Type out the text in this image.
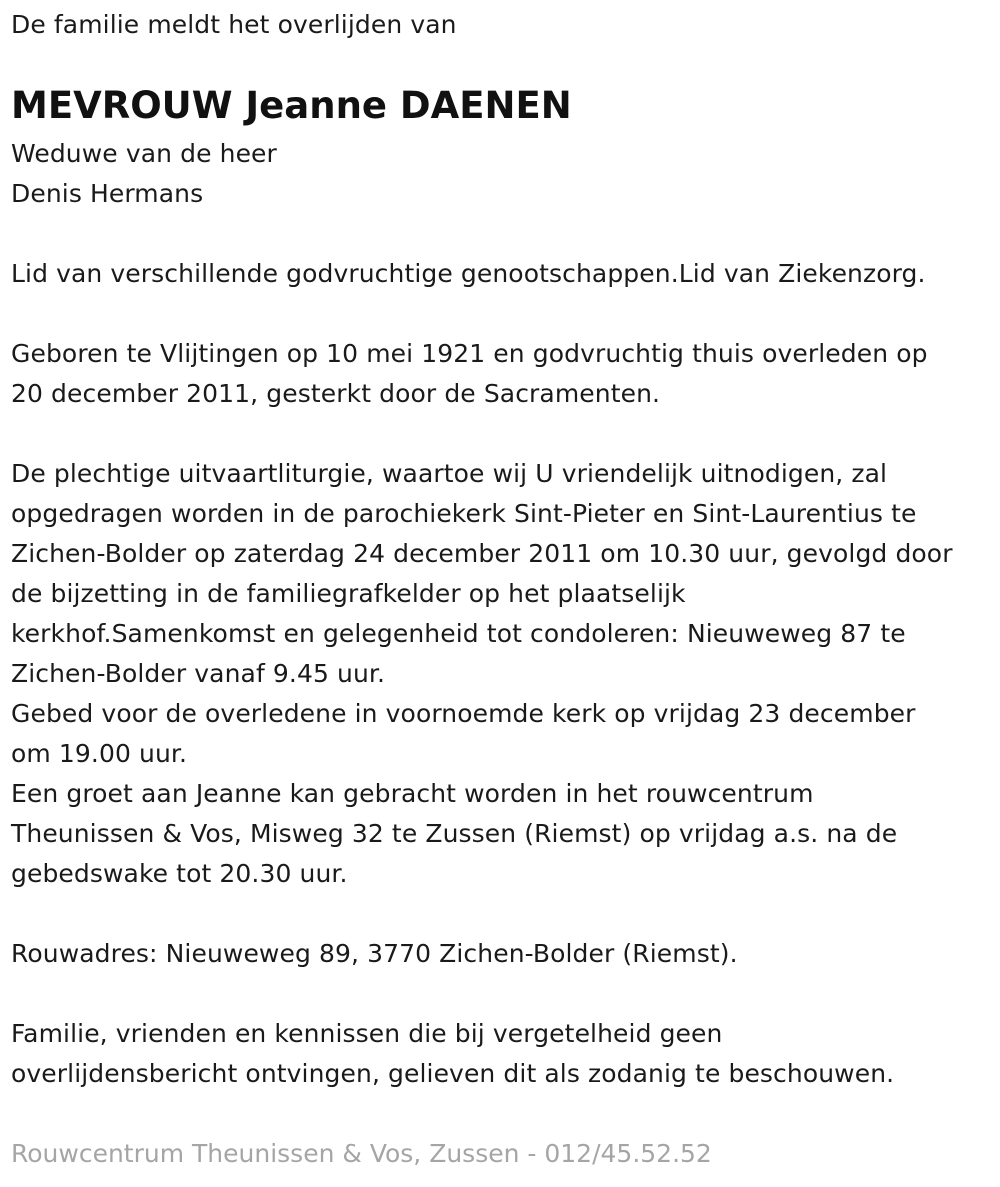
De familie meldt het overlijden van
MEVROUW Jeanne DAENEN
Weduwe van de heer
Denis Hermans
Lid van verschillende godvruchtige genootschappen.Lid van Ziekenzorg.
Geboren te Vlijtingen op 10 mei 1921 en godvruchtig thuis overleden op
20 december 2011, gesterkt door de Sacramenten.
De plechtige uitvaartliturgie, waartoe wij U vriendelijk uitnodigen, zal
opgedragen worden in de parochiekerk Sint-Pieter en Sint-Laurentius te
Zichen-Bolder op zaterdag 24 december 2011 om 10.30 uur, gevolgd door
de bijzetting in de familiegrafkelder op het plaatselijk
kerkhof.Samenkomst en gelegenheid tot condoleren: Nieuweweg 87 te
Zichen-Bolder vanaf 9.45 uur.
Gebed voor de overledene in voornoemde kerk op vrijdag 23 december
om 19.00 uur.
Een groet aan Jeanne kan gebracht worden in het rouwcentrum
Theunissen & Vos, Misweg 32 te Zussen (Riemst) op vrijdag a.s. na de
gebedswake tot 20.30 uur.
Rouwadres: Nieuweweg 89, 3770 Zichen-Bolder (Riemst).
Familie, vrienden en kennissen die bij vergetelheid geen
overlijdensbericht ontvingen, gelieven dit als zodanig te beschouwen.
Rouwcentrum Theunissen & Vos, Zussen - 012/45.52.52
